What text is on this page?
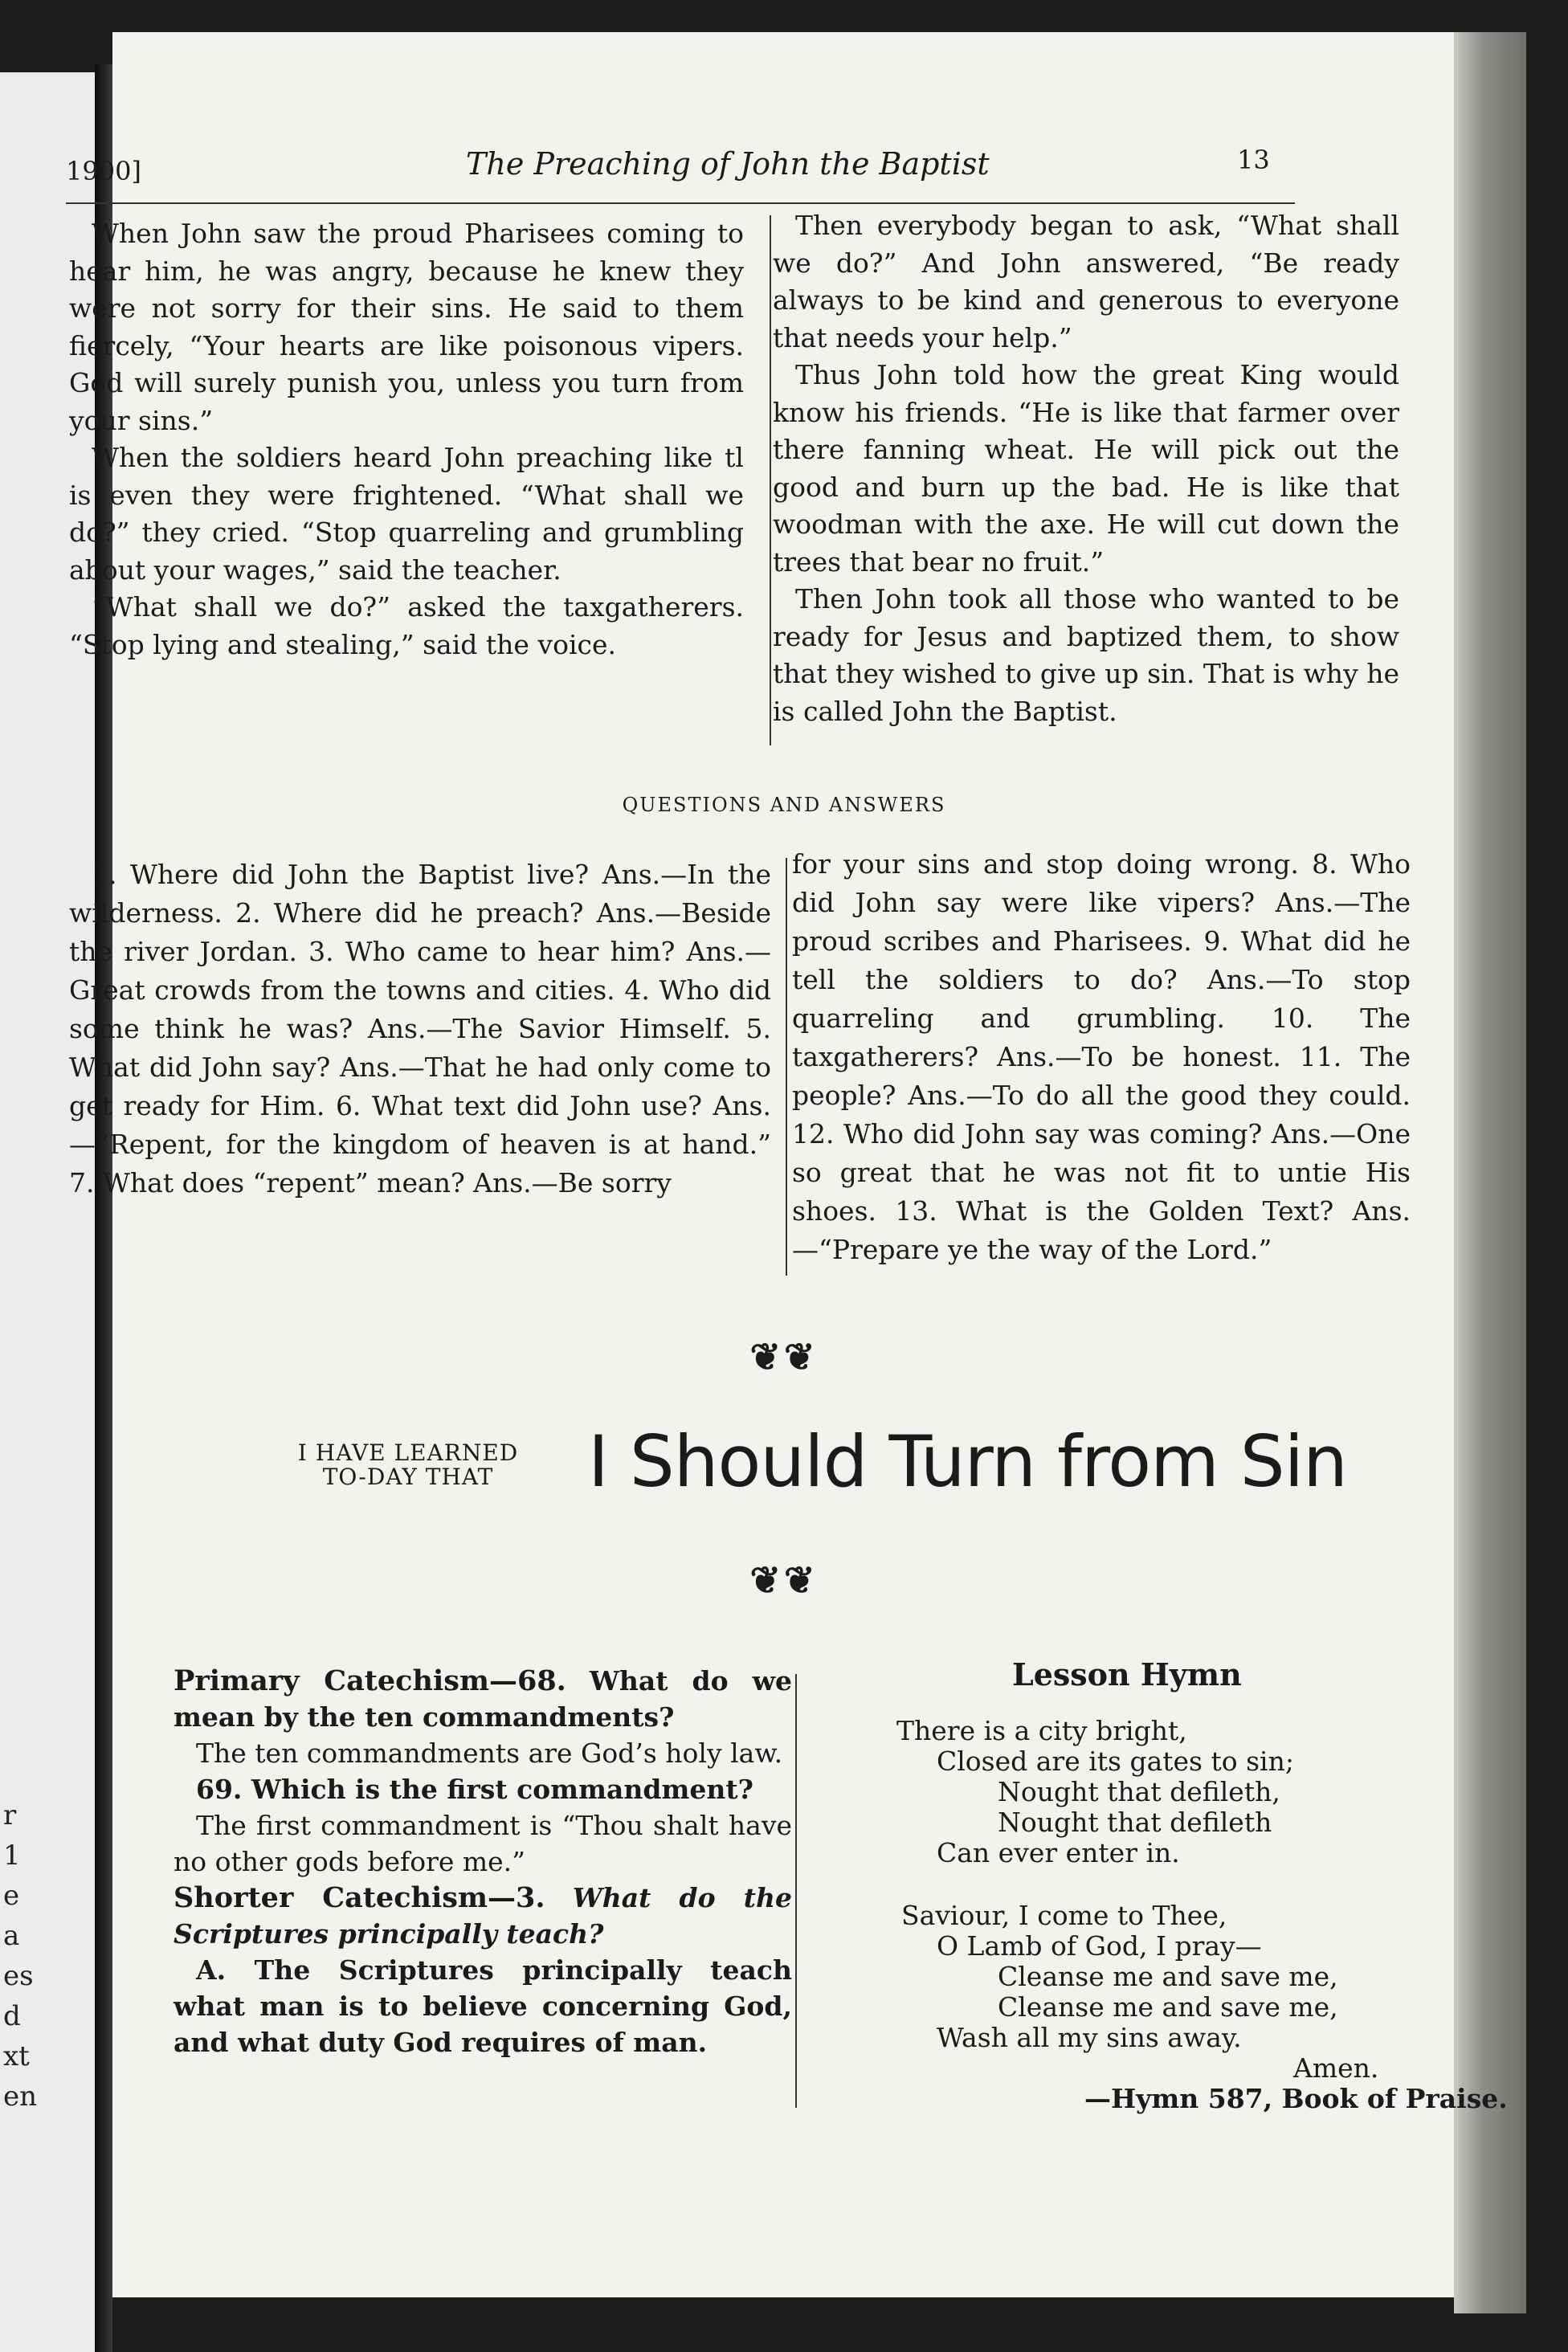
r
1
e
a
es
d
xt
en
1900]	The Preaching of John the Baptist	13

When John saw the proud Pharisees coming to hear him, he was angry, because he knew they were not sorry for their sins. He said to them fiercely, “Your hearts are like poisonous vipers. God will surely punish you, unless you turn from your sins.”

When the soldiers heard John preaching like tl is even they were frightened. “What shall we do?” they cried. “Stop quarreling and grumbling about your wages,” said the teacher.

“What shall we do?” asked the taxgatherers. “Stop lying and stealing,” said the voice.

Then everybody began to ask, “What shall we do?” And John answered, “Be ready always to be kind and generous to everyone that needs your help.”

Thus John told how the great King would know his friends. “He is like that farmer over there fanning wheat. He will pick out the good and burn up the bad. He is like that woodman with the axe. He will cut down the trees that bear no fruit.”

Then John took all those who wanted to be ready for Jesus and baptized them, to show that they wished to give up sin. That is why he is called John the Baptist.

QUESTIONS AND ANSWERS

1. Where did John the Baptist live? Ans.—In the wilderness. 2. Where did he preach? Ans.—Beside the river Jordan. 3. Who came to hear him? Ans.—Great crowds from the towns and cities. 4. Who did some think he was? Ans.—The Savior Himself. 5. What did John say? Ans.—That he had only come to get ready for Him. 6. What text did John use? Ans.—“Repent, for the kingdom of heaven is at hand.” 7. What does “repent” mean? Ans.—Be sorry

for your sins and stop doing wrong. 8. Who did John say were like vipers? Ans.—The proud scribes and Pharisees. 9. What did he tell the soldiers to do? Ans.—To stop quarreling and grumbling. 10. The taxgatherers? Ans.—To be honest. 11. The people? Ans.—To do all the good they could. 12. Who did John say was coming? Ans.—One so great that he was not fit to untie His shoes. 13. What is the Golden Text? Ans.—“Prepare ye the way of the Lord.”

❦❦
I HAVE LEARNED
TO-DAY THAT	I Should Turn from Sin
❦❦

Primary Catechism—68. What do we mean by the ten commandments?

The ten commandments are God’s holy law.

69. Which is the first commandment?

The first commandment is “Thou shalt have no other gods before me.”

Shorter Catechism—3. What do the Scriptures principally teach?

A. The Scriptures principally teach what man is to believe concerning God, and what duty God requires of man.

Lesson Hymn
There is a city bright,
Closed are its gates to sin;
Nought that defileth,
Nought that defileth
Can ever enter in.
Saviour, I come to Thee,
O Lamb of God, I pray—
Cleanse me and save me,
Cleanse me and save me,
Wash all my sins away.
Amen.
—Hymn 587, Book of Praise.
